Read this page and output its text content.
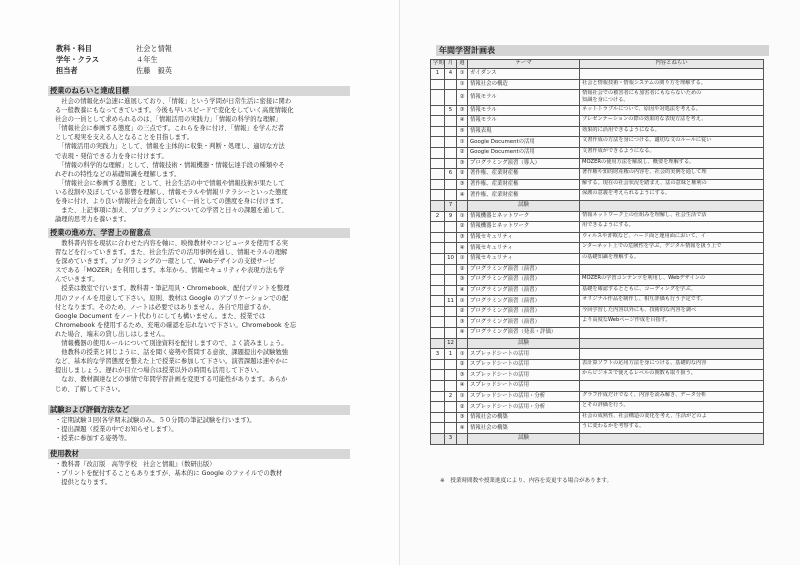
教科・科目	社会と情報
学年・クラス	４年生
担当者	佐藤　毅英
授業のねらいと達成目標
　社会の情報化が急速に進展しており、「情報」という学問が日常生活に密接に関わ
る一般教養にもなってきています。今後も早いスピードで変化をしていく高度情報化
社会の一員として求められるのは、「情報活用の実践力」「情報の科学的な理解」
「情報社会に参画する態度」の三点です。これらを身に付け、「情報」を学んだ者
として現実を支える人となることを目指します。
　「情報活用の実践力」として、情報を主体的に収集・判断・処理し、適切な方法
で表現・発信できる力を身に付けます。
　「情報の科学的な理解」として、情報技術・情報機器・情報伝達手段の種類やそ
れぞれの特性などの基礎知識を理解します。
　「情報社会に参画する態度」として、社会生活の中で情報や情報技術が果たして
いる役割や及ぼしている影響を理解し、情報モラルや情報リテラシーといった態度
を身に付け、より良い情報社会を創造していく一員としての態度を身に付けます。
　また、上記事項に加え、プログラミングについての学習と日々の課題を通して、
論理的思考力を養います。
授業の進め方、学習上の留意点
　教科書内容を現状に合わせた内容を軸に、映像教材やコンピュータを使用する実
習などを行っていきます。また、社会生活での活用事例を通し、情報モラルの理解
を深めていきます。プログラミングの一環として、Webデザインの支援サービ
スである「MOZER」を利用します。本年から、情報セキュリティや表現方法も学
んでいきます。
　授業は教室で行います。教科書・筆記用具・Chromebook、配付プリントを整理
用のファイルを用意して下さい。原則、教材は Google のアプリケーションでの配
付となります。そのため、ノートは必要ではありません。各自で用意するか、
Google Document をノート代わりにしても構いません。また、授業では
Chromebook を使用するため、充電の確認を忘れないで下さい。Chromebook を忘
れた場合、端末の貸し出しはしません。
　情報機器の使用ルールについて別途資料を配付しますので、よく読みましょう。
　他教科の授業と同じように、話を聞く姿勢や質問する意欲、課題提出や試験勉強
など、基本的な学習態度を整えた上で授業に参加して下さい。演習課題は速やかに
提出しましょう。遅れが目立つ場合は授業以外の時間も活用して下さい。
　なお、教材調達などの事情で年間学習計画を変更する可能性があります。あらか
じめ、了解して下さい。
試験および評価方法など
・定期試験３回(各学期末試験のみ。５０分間の筆記試験を行います)。
・提出課題（授業の中でお知らせします）。
・授業に参加する姿勢等。
使用教材
・教科書『改訂版　高等学校　社会と情報』（数研出版）
・プリントを配付することもありますが、基本的に Google のファイルでの教材
　提供となります。
年間学習計画表
学期	月	週	テーマ	内容とねらい
1	4	①	ガイダンス	
		①	情報社会の構造	社会と情報技術・情報システムの関り方を理解する。
		②	情報モラル	情報社会での被害者にも加害者にもならないための
知識を身につける。
	5	③	情報モラル	ネットトラブルについて、原因や対処法を考える。
		④	情報モラル	プレゼンテーションの際の効果的な表現方法を考え、
		⑤	情報表現	効果的に活用できるようになる。
		①	Google Documentの活用	文書作成の方法を身につける。適切な文のルールに従い
		②	Google Documentの活用	文書作成ができるようになる。
		③	プログラミング演習（導入）	MOZERの使用方法を解説し、概要を理解する。
	6	②	著作権、産業財産権	著作権や知的財産権の内容を、社会的実例を通して理
		③	著作権、産業財産権	解する。現在の社会状況を踏まえ、法の意味と権利の
		④	著作権、産業財産権	保護の意義を考えられるようにする。
	7		試験	
2	9	①	情報機器とネットワーク	情報ネットワーク上の仕組みを理解し、社会生活で活
		②	情報機器とネットワーク	用できるようにする。
		③	情報セキュリティ	ウィルスや詐欺など、ハード面と運用面において、イ
		④	情報セキュリティ	ンターネット上での危険性を学ぶ。デジタル情報を扱う上で
	10	①	情報セキュリティ	の基礎知識を理解する。
		②	プログラミング演習（演習）	
		③	プログラミング演習（演習）	MOZERの学習コンテンツを利用し、Webデザインの
		④	プログラミング演習（演習）	基礎を確認するとともに、コーディングを学ぶ。
	11	①	プログラミング演習（演習）	オリジナル作品を制作し、相互評価も行う予定です。
		②	プログラミング演習（演習）	今回学習した内容以外にも、技術的な内容を調べ
		③	プログラミング演習（演習）	より高度なWebページ作成を目指す。
		④	プログラミング演習（発表・評価）	
	12		試験	
3	1	①	スプレッドシートの活用	
		②	スプレッドシートの活用	表計算ソフトの応用方法を身につける。基礎的な内容
		③	スプレッドシートの活用	からビジネスで使えるレベルの関数も取り扱う。
		④	スプレッドシートの活用	
	2	①	スプレッドシートの活用・分析	グラフ作成だけでなく、内容を読み解き、データ分析
		②	スプレッドシートの活用・分析	とその評価を行う。
		③	情報社会の構築	社会の成熟性、社会構造の変化を考え、生活がどのよ
		④	情報社会の構築	うに変わるかを考察する。
	3		試験	
※　授業時間数や授業進度により、内容を変更する場合があります。
